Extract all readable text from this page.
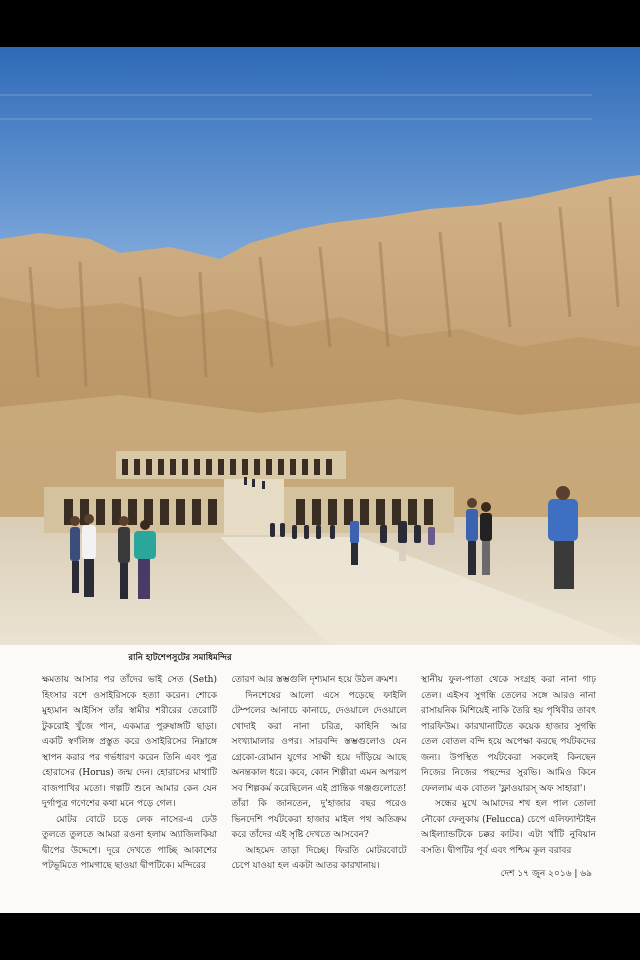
রানি হাটশেপসুটের সমাধিমন্দির

ক্ষমতায় আসার পর তাঁদের ভাই সেত (Seth) হিংসার বশে ওসাইরিসকে হত্যা করেন। শোকে মুহ্যমান আইসিস তাঁর স্বামীর শরীরের তেরোটি টুকরোই খুঁজে পান, একমাত্র পুরুষাঙ্গটি ছাড়া। একটি স্বর্ণলিঙ্গ প্রস্তুত করে ওসাইরিসের নিম্নাঙ্গে স্থাপন করার পর গর্ভধারণ করেন তিনি এবং পুত্র হোরাসের (Horus) জন্ম দেন। হোরাসের মাথাটি বাজপাখির মতো। গল্পটি শুনে আমার কেন যেন দুর্গাপুত্র গণেশের কথা মনে পড়ে গেল।

মোটর বোটে চড়ে লেক নাসের-এ ঢেউ তুলতে তুলতে আমরা রওনা হলাম অ্যাজিলকিয়া দ্বীপের উদ্দেশে। দূরে দেখতে পাচ্ছি আকাশের পটভূমিতে পামগাছে ছাওয়া দ্বীপটিকে। মন্দিরের

তোরণ আর স্তম্ভগুলি দৃশ্যমান হয়ে উঠল ক্রমশ।

দিনশেষের আলো এসে পড়েছে ফাইলি টেম্পলের আনাচে কানাচে, দেওয়ালে দেওয়ালে খোদাই করা নানা চরিত্র, কাহিনি আর সংখ্যামালার ওপর। সারবন্দি স্তম্ভগুলোও যেন গ্রেকো-রোমান যুগের সাক্ষী হয়ে দাঁড়িয়ে আছে অনন্তকাল ধরে। কবে, কোন শিল্পীরা এমন অপরূপ সব শিল্পকর্ম করেছিলেন এই প্রান্তিক গঞ্জগুলোতে! তাঁরা কি জানতেন, দু'হাজার বছর পরেও ভিনদেশি পর্যটকেরা হাজার মাইল পথ অতিক্রম করে তাঁদের এই সৃষ্টি দেখতে আসবেন?

আহমেদ তাড়া দিচ্ছে। ফিরতি মোটরবোটে চেপে যাওয়া হল একটা আতর কারখানায়।

স্থানীয় ফুল-পাতা থেকে সংগ্রহ করা নানা গাঢ় তেল। এইসব সুগন্ধি তেলের সঙ্গে আরও নানা রাসায়নিক মিশিয়েই নাকি তৈরি হয় পৃথিবীর তাবৎ পারফিউম। কারখানাটিতে কয়েক হাজার সুগন্ধি তেল বোতল বন্দি হয়ে অপেক্ষা করছে পর্যটকদের জন্য। উপস্থিত পর্যটকেরা সকলেই কিনছেন নিজের নিজের পছন্দের সুরভি। আমিও কিনে ফেললাম এক বোতল 'ফ্লাওয়ারস্ অফ সাহারা'।

সন্ধের মুখে আমাদের শখ হল পাল তোলা নৌকো ফেলুকায় (Felucca) চেপে এলিফ্যান্টাইন আইল্যান্ডটিকে চক্কর কাটব। এটা খাঁটি নুবিয়ান বসতি। দ্বীপটির পূর্ব এবং পশ্চিম কূল বরাবর

দেশ ১৭ জুন ২০১৬ | ৬৯
